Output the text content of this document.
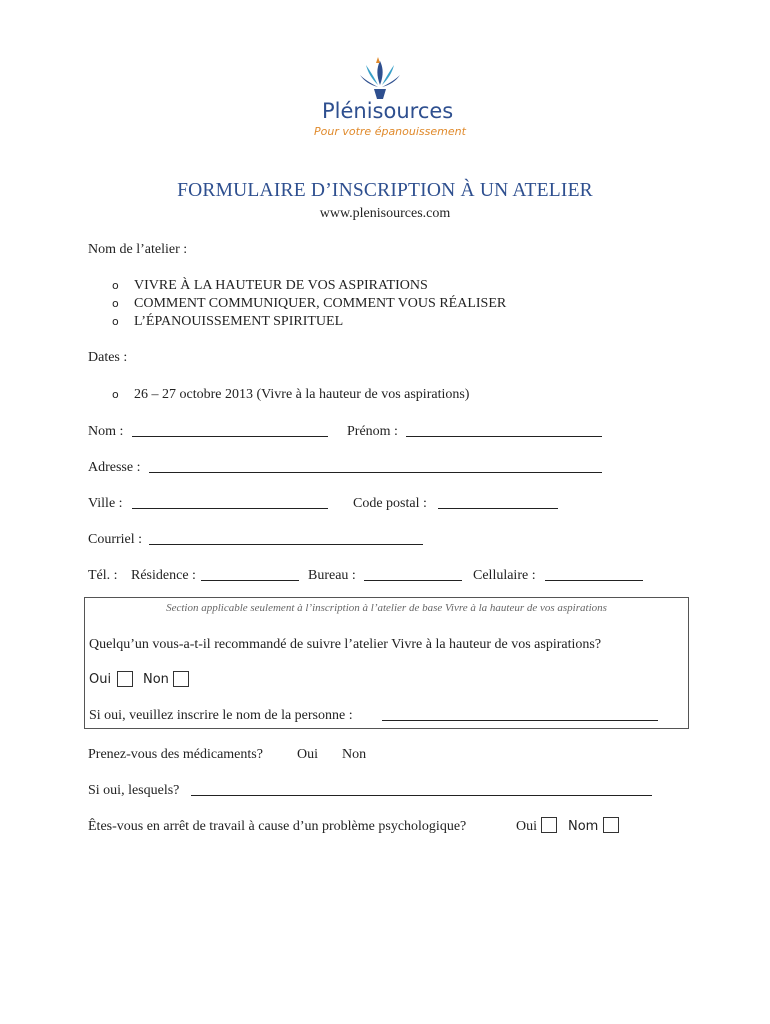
Plénisources
Pour votre épanouissement
FORMULAIRE D’INSCRIPTION À UN ATELIER
www.plenisources.com
Nom de l’atelier :
o VIVRE À LA HAUTEUR DE VOS ASPIRATIONS
o COMMENT COMMUNIQUER, COMMENT VOUS RÉALISER
o L’ÉPANOUISSEMENT SPIRITUEL
Dates :
o 26 – 27 octobre 2013 (Vivre à la hauteur de vos aspirations)
Nom :	Prénom :
Adresse :
Ville :	Code postal :
Courriel :
Tél. : Résidence :	Bureau :	Cellulaire :
Section applicable seulement à l’inscription à l’atelier de base Vivre à la hauteur de vos aspirations
Quelqu’un vous-a-t-il recommandé de suivre l’atelier Vivre à la hauteur de vos aspirations?
Oui Non
Si oui, veuillez inscrire le nom de la personne :
Prenez-vous des médicaments? Oui Non
Si oui, lesquels?
Êtes-vous en arrêt de travail à cause d’un problème psychologique?	Oui Nom
